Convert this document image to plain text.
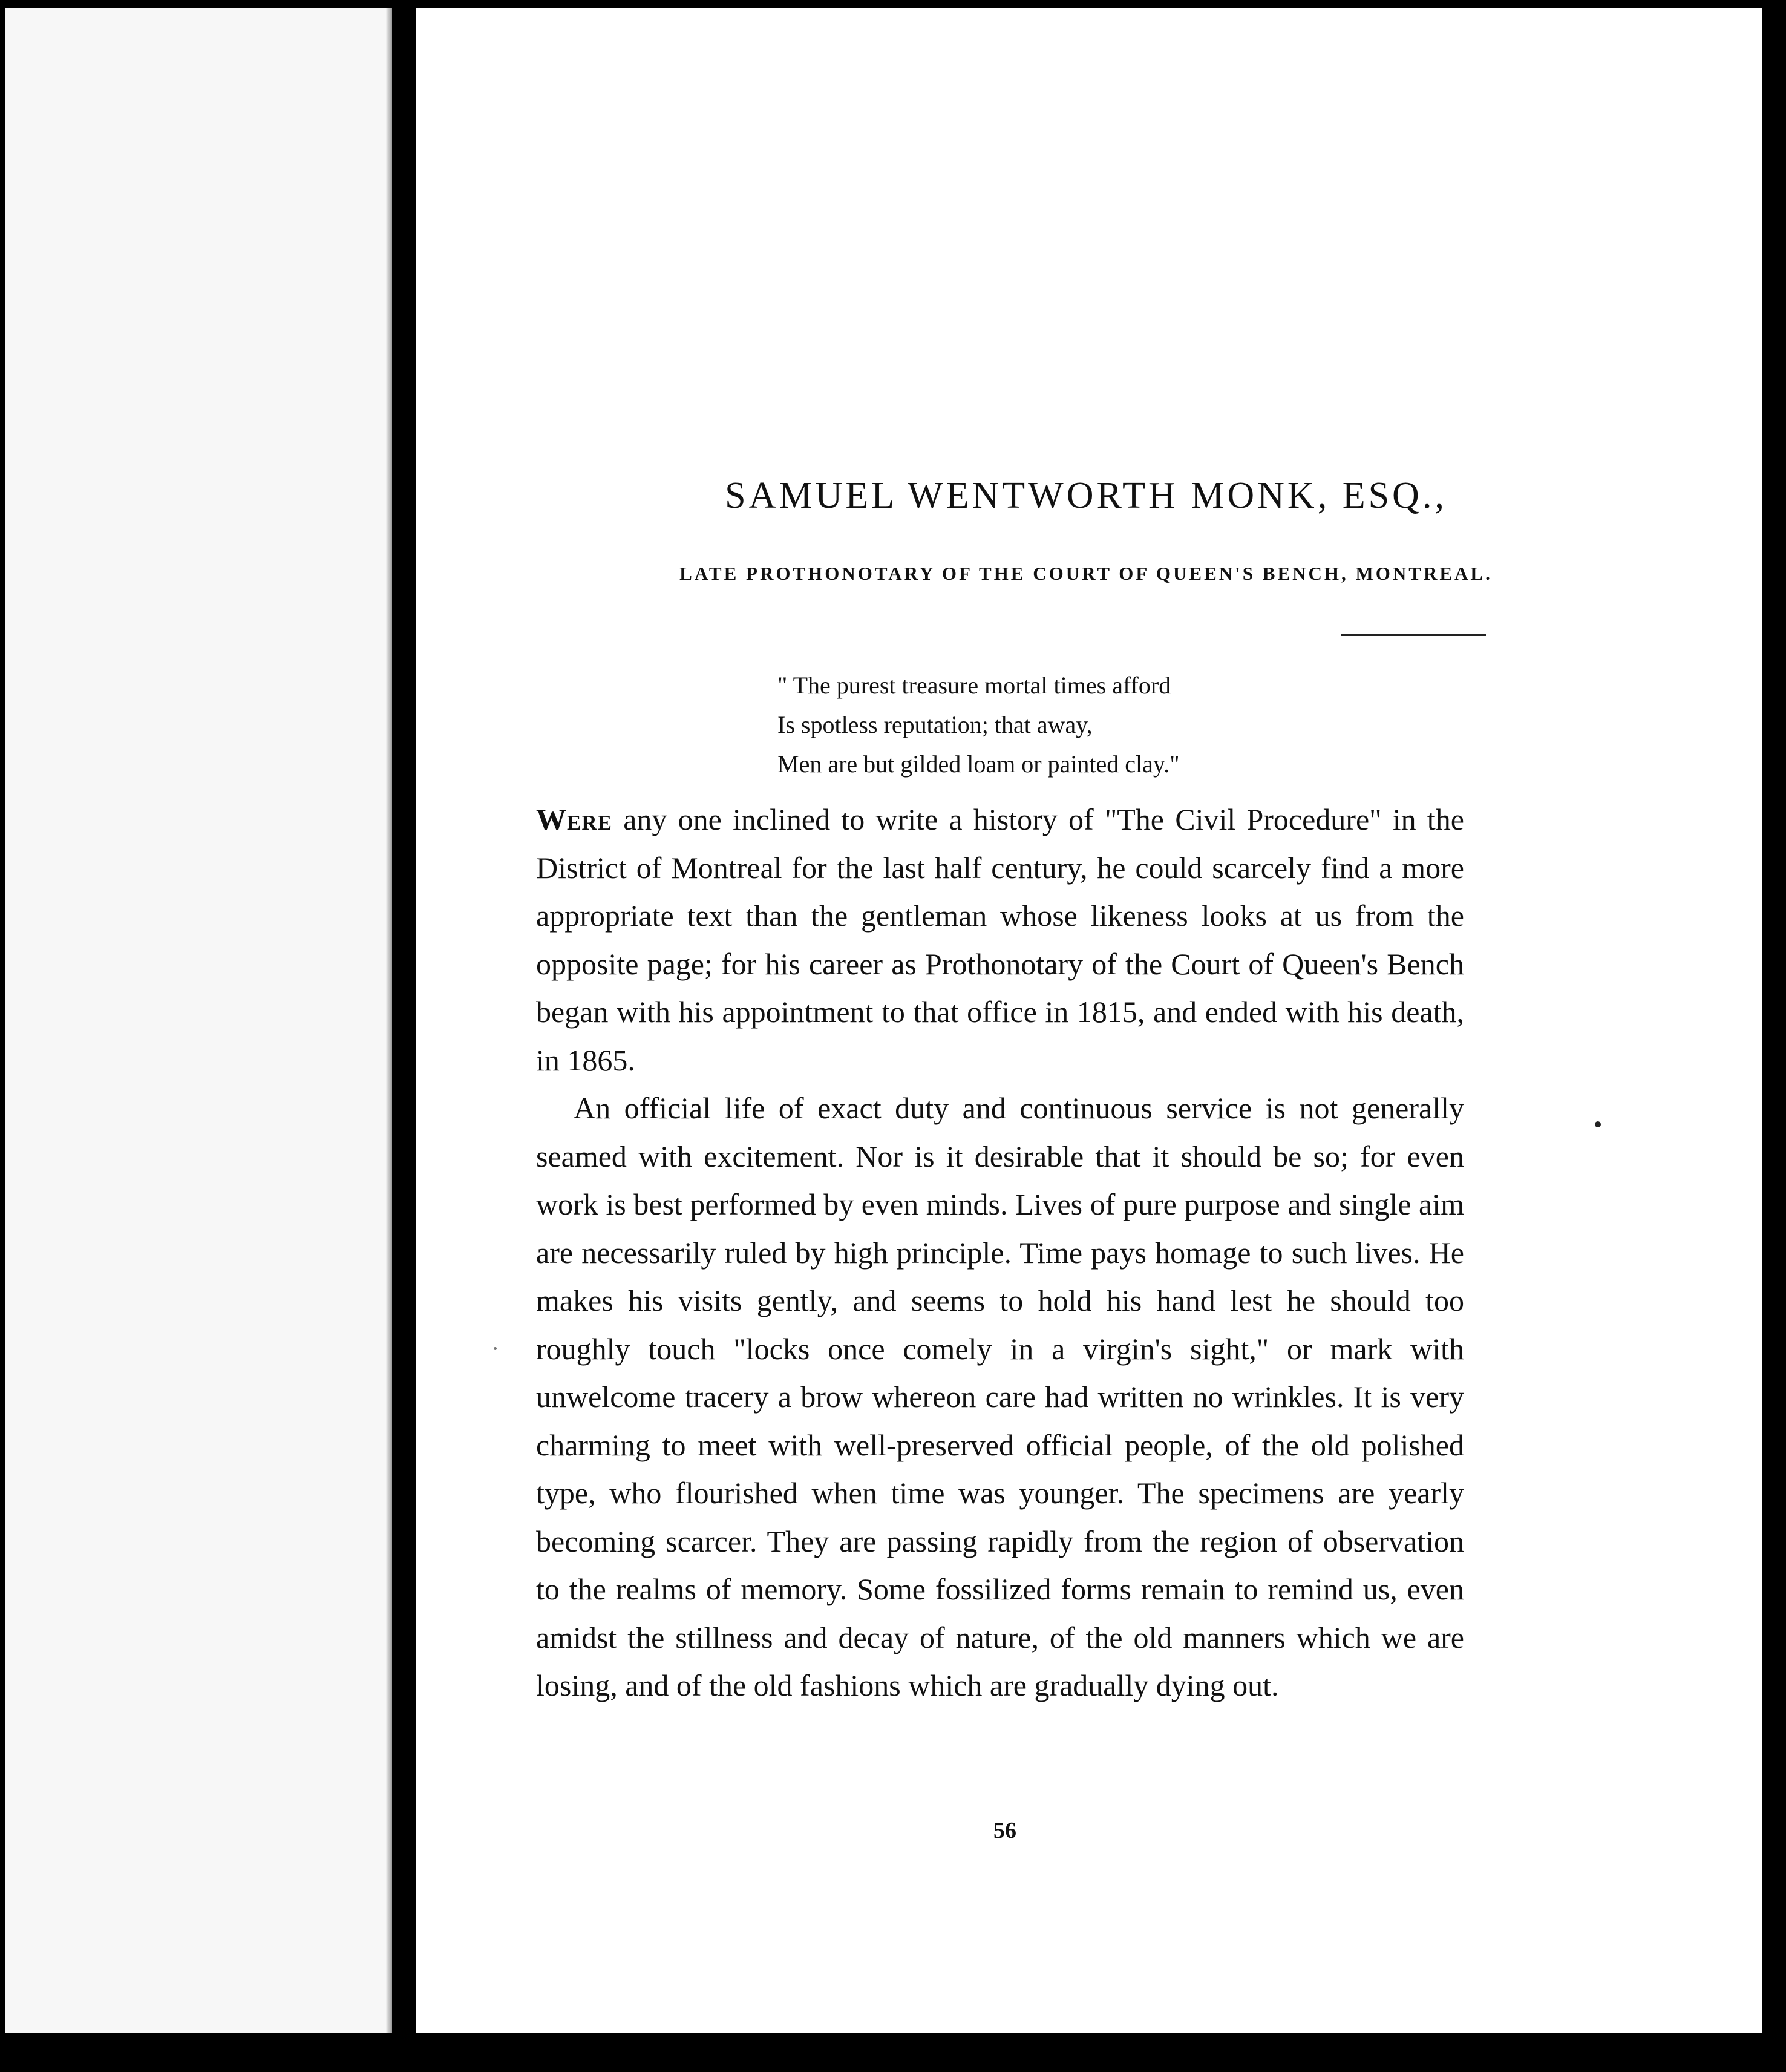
SAMUEL WENTWORTH MONK, ESQ.,
LATE PROTHONOTARY OF THE COURT OF QUEEN'S BENCH, MONTREAL.
" The purest treasure mortal times afford
Is spotless reputation; that away,
Men are but gilded loam or painted clay."

Were any one inclined to write a history of "The Civil Procedure" in the District of Montreal for the last half century, he could scarcely find a more appropriate text than the gentleman whose likeness looks at us from the opposite page; for his career as Prothonotary of the Court of Queen's Bench began with his appointment to that office in 1815, and ended with his death, in 1865.

An official life of exact duty and continuous service is not generally seamed with excitement. Nor is it desirable that it should be so; for even work is best performed by even minds. Lives of pure purpose and single aim are necessarily ruled by high principle. Time pays homage to such lives. He makes his visits gently, and seems to hold his hand lest he should too roughly touch "locks once comely in a virgin's sight," or mark with unwelcome tracery a brow whereon care had written no wrinkles. It is very charming to meet with well-preserved official people, of the old polished type, who flourished when time was younger. The specimens are yearly becoming scarcer. They are passing rapidly from the region of observation to the realms of memory. Some fossilized forms remain to remind us, even amidst the stillness and decay of nature, of the old manners which we are losing, and of the old fashions which are gradually dying out.

56
